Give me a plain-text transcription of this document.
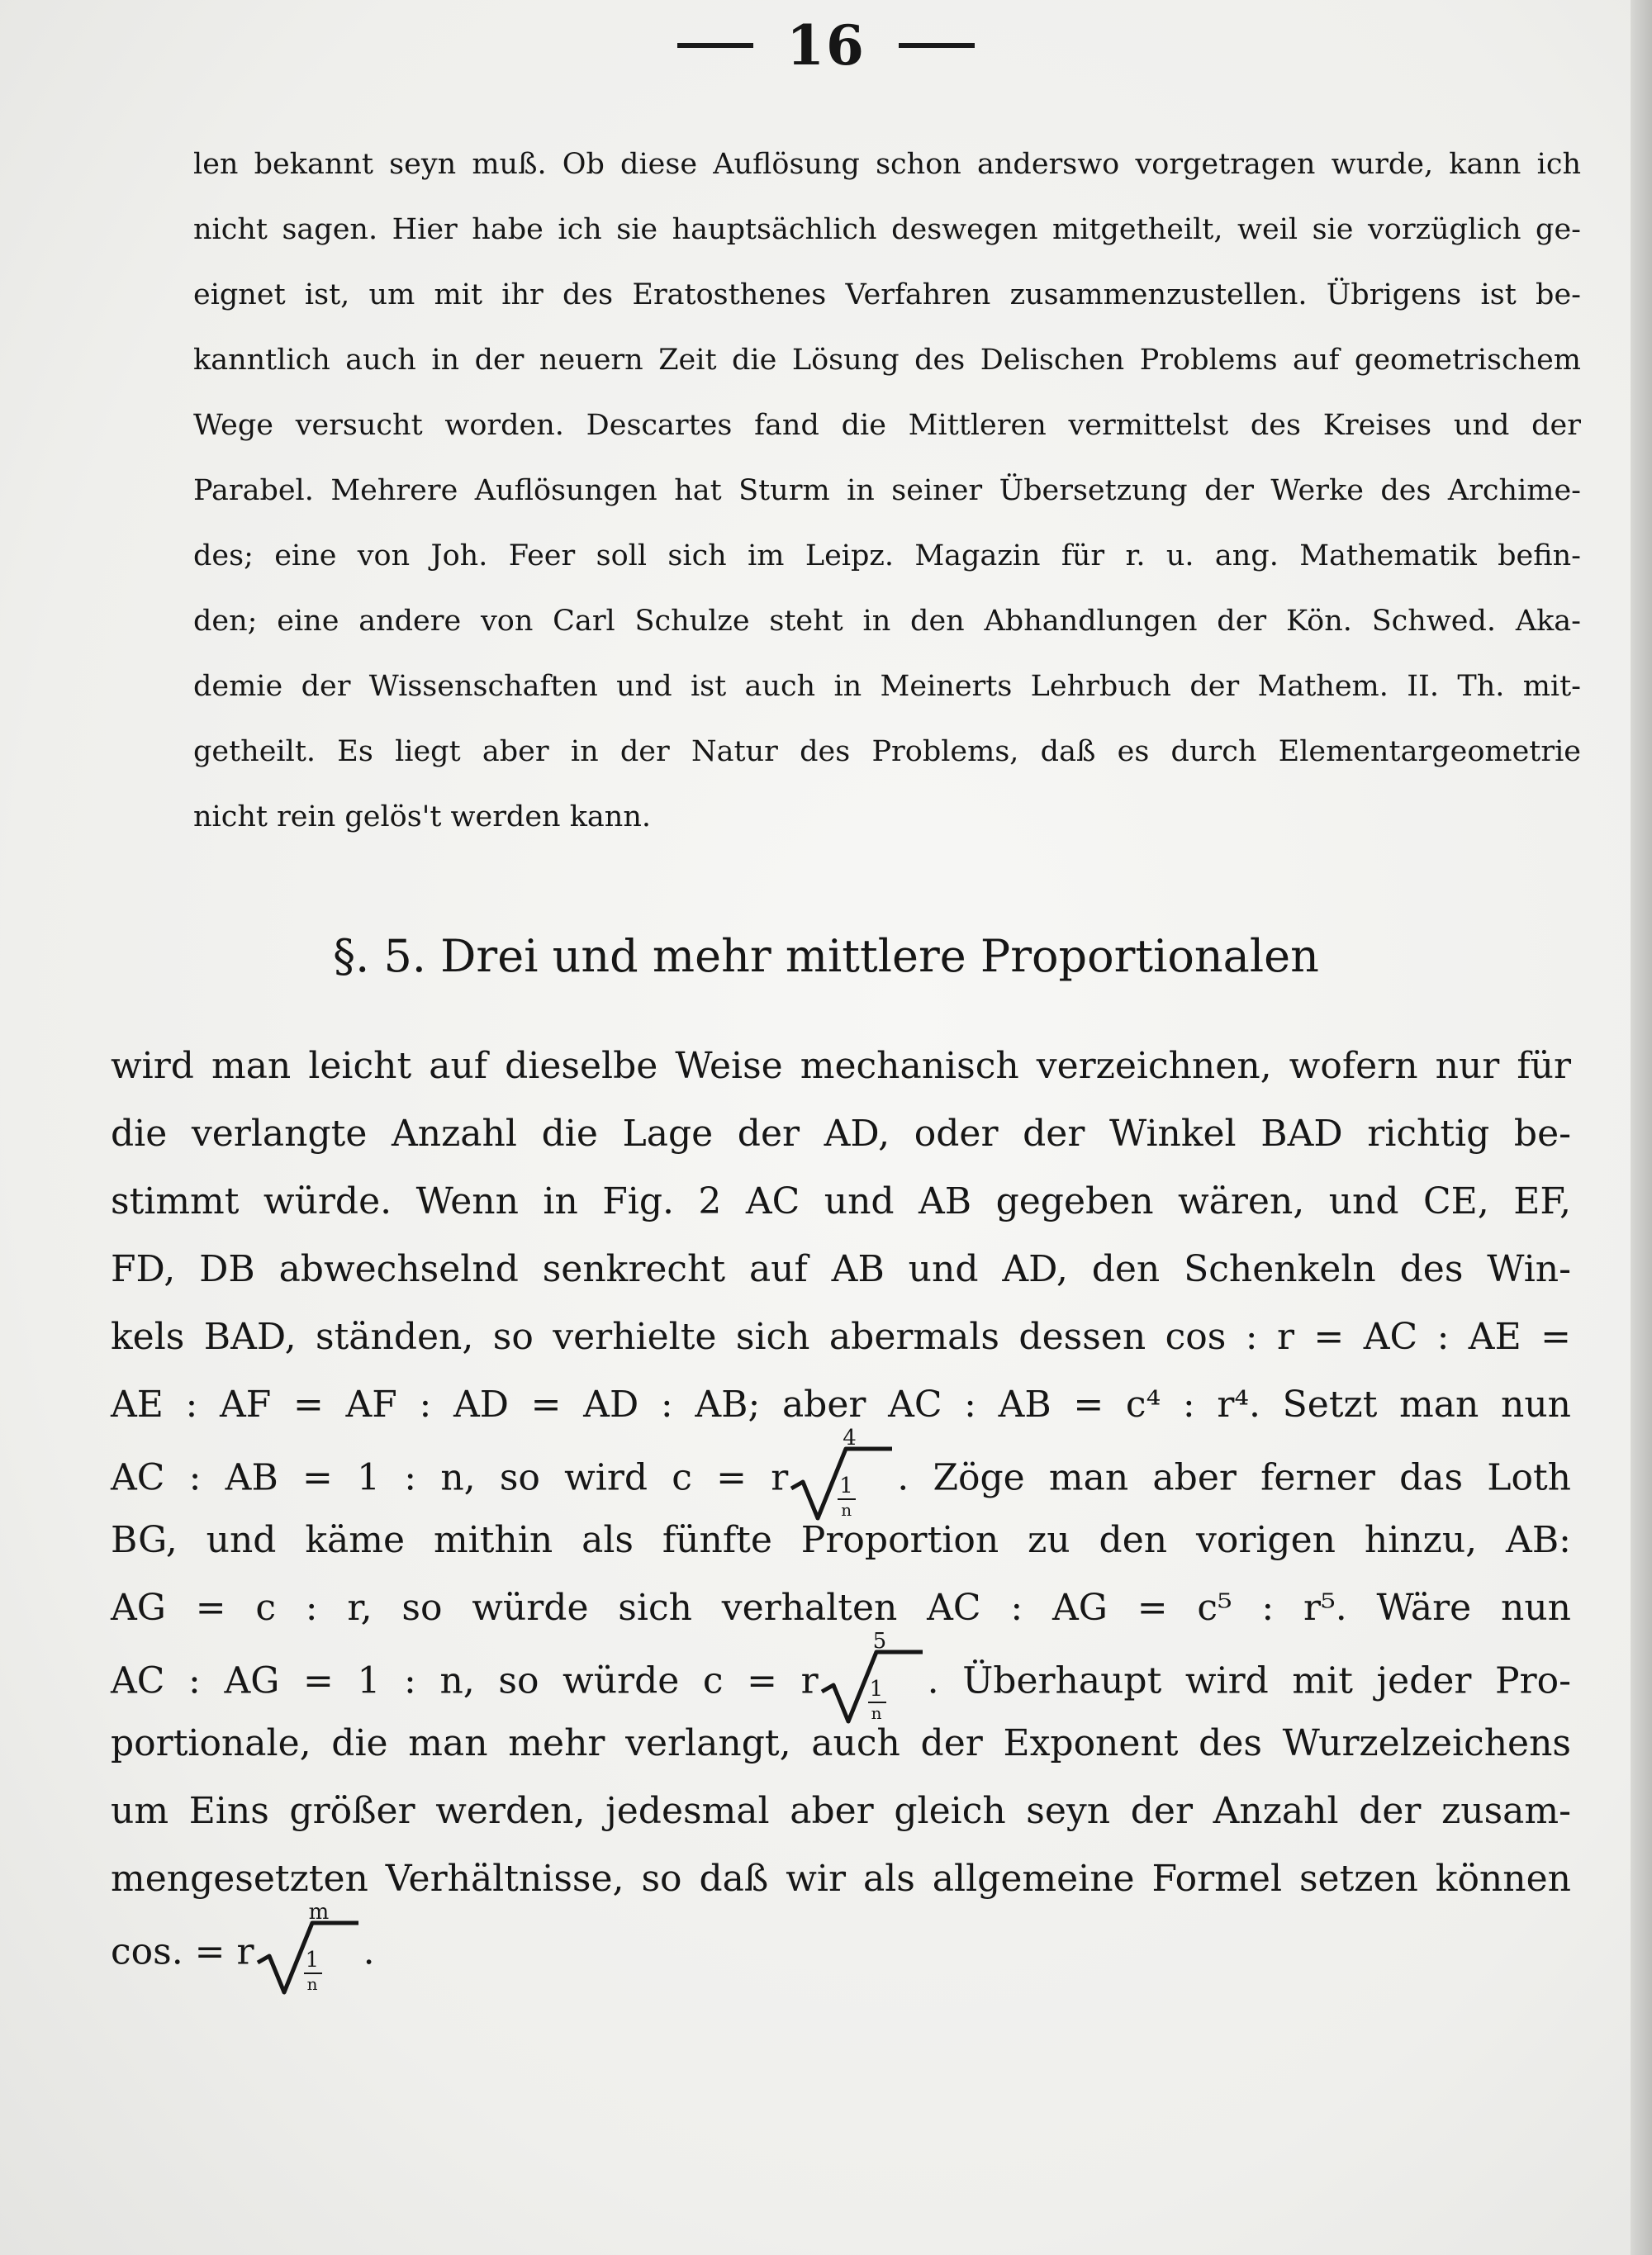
16
len bekannt seyn muß. Ob diese Auflösung schon anderswo vorgetragen wurde, kann ich
nicht sagen. Hier habe ich sie hauptsächlich deswegen mitgetheilt, weil sie vorzüglich ge-
eignet ist, um mit ihr des Eratosthenes Verfahren zusammenzustellen. Übrigens ist be-
kanntlich auch in der neuern Zeit die Lösung des Delischen Problems auf geometrischem
Wege versucht worden. Descartes fand die Mittleren vermittelst des Kreises und der
Parabel. Mehrere Auflösungen hat Sturm in seiner Übersetzung der Werke des Archime-
des; eine von Joh. Feer soll sich im Leipz. Magazin für r. u. ang. Mathematik befin-
den; eine andere von Carl Schulze steht in den Abhandlungen der Kön. Schwed. Aka-
demie der Wissenschaften und ist auch in Meinerts Lehrbuch der Mathem. II. Th. mit-
getheilt. Es liegt aber in der Natur des Problems, daß es durch Elementargeometrie
nicht rein gelös't werden kann.
§. 5. Drei und mehr mittlere Proportionalen
wird man leicht auf dieselbe Weise mechanisch verzeichnen, wofern nur für
die verlangte Anzahl die Lage der AD, oder der Winkel BAD richtig be-
stimmt würde. Wenn in Fig. 2 AC und AB gegeben wären, und CE, EF,
FD, DB abwechselnd senkrecht auf AB und AD, den Schenkeln des Win-
kels BAD, ständen, so verhielte sich abermals dessen cos : r = AC : AE =
AE : AF = AF : AD = AD : AB; aber AC : AB = c⁴ : r⁴. Setzt man nun
AC : AB = 1 : n, so wird c = r
4
1
n
. Zöge man aber ferner das Loth
BG, und käme mithin als fünfte Proportion zu den vorigen hinzu, AB:
AG = c : r, so würde sich verhalten AC : AG = c⁵ : r⁵. Wäre nun
AC : AG = 1 : n, so würde c = r
5
1
n
. Überhaupt wird mit jeder Pro-
portionale, die man mehr verlangt, auch der Exponent des Wurzelzeichens
um Eins größer werden, jedesmal aber gleich seyn der Anzahl der zusam-
mengesetzten Verhältnisse, so daß wir als allgemeine Formel setzen können
cos. = r
m
1
n
.
